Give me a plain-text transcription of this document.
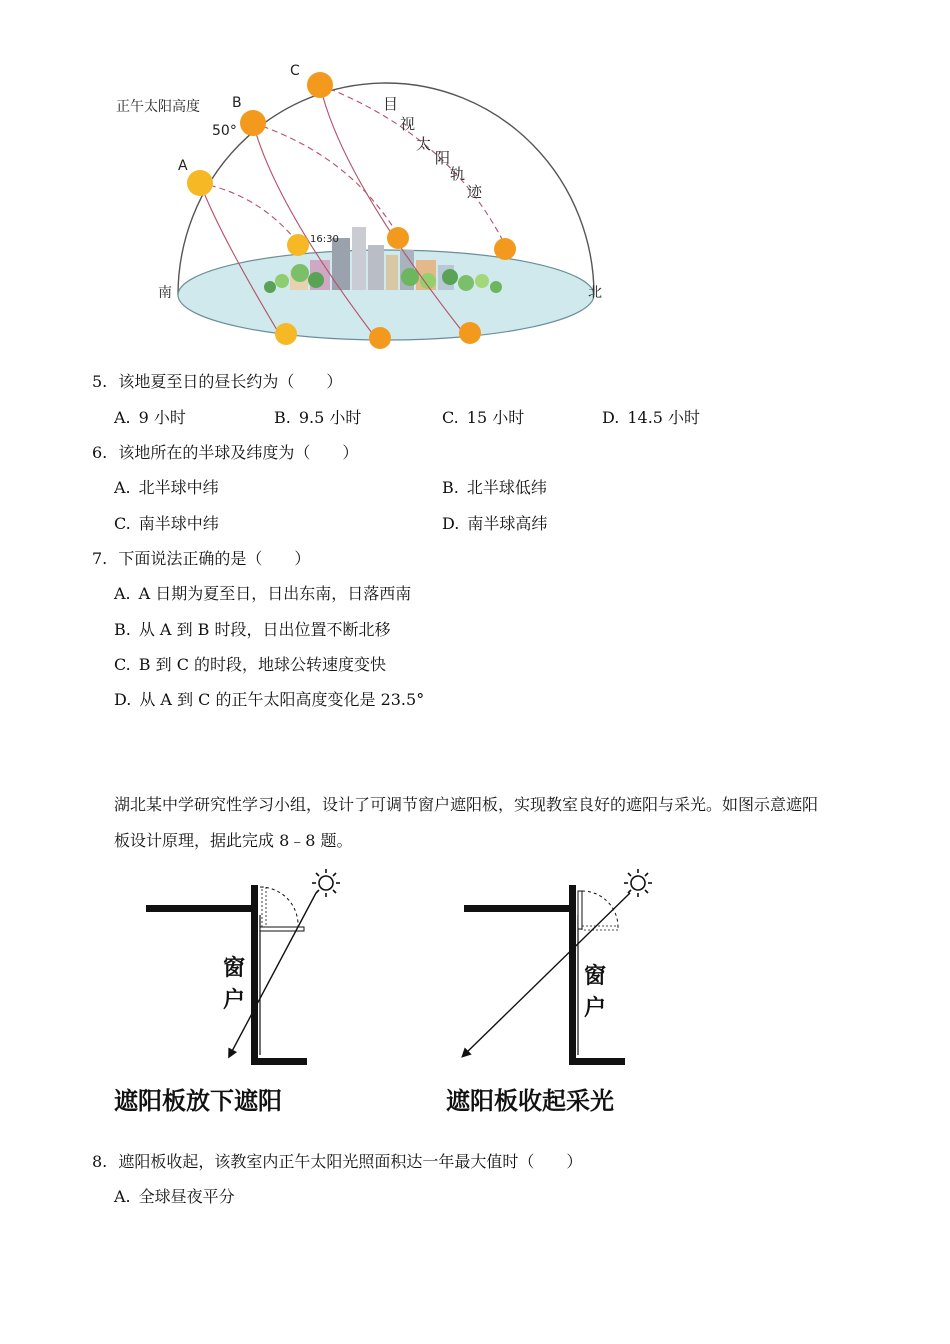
正午太阳高度
50°
A
B
C
16:30
南	北
目
视
太
阳
轨
迹
5. 该地夏至日的昼长约为（　　）
A. 9 小时	B. 9.5 小时	C. 15 小时	D. 14.5 小时
6. 该地所在的半球及纬度为（　　）
A. 北半球中纬	B. 北半球低纬
C. 南半球中纬	D. 南半球高纬
7. 下面说法正确的是（　　）
A. A 日期为夏至日，日出东南，日落西南
B. 从 A 到 B 时段，日出位置不断北移
C. B 到 C 的时段，地球公转速度变快
D. 从 A 到 C 的正午太阳高度变化是 23.5°
湖北某中学研究性学习小组，设计了可调节窗户遮阳板，实现教室良好的遮阳与采光。如图示意遮阳
板设计原理，据此完成 8﹣8 题。
窗
户
遮阳板放下遮阳
窗
户
遮阳板收起采光
8. 遮阳板收起，该教室内正午太阳光照面积达一年最大值时（　　）
A. 全球昼夜平分
